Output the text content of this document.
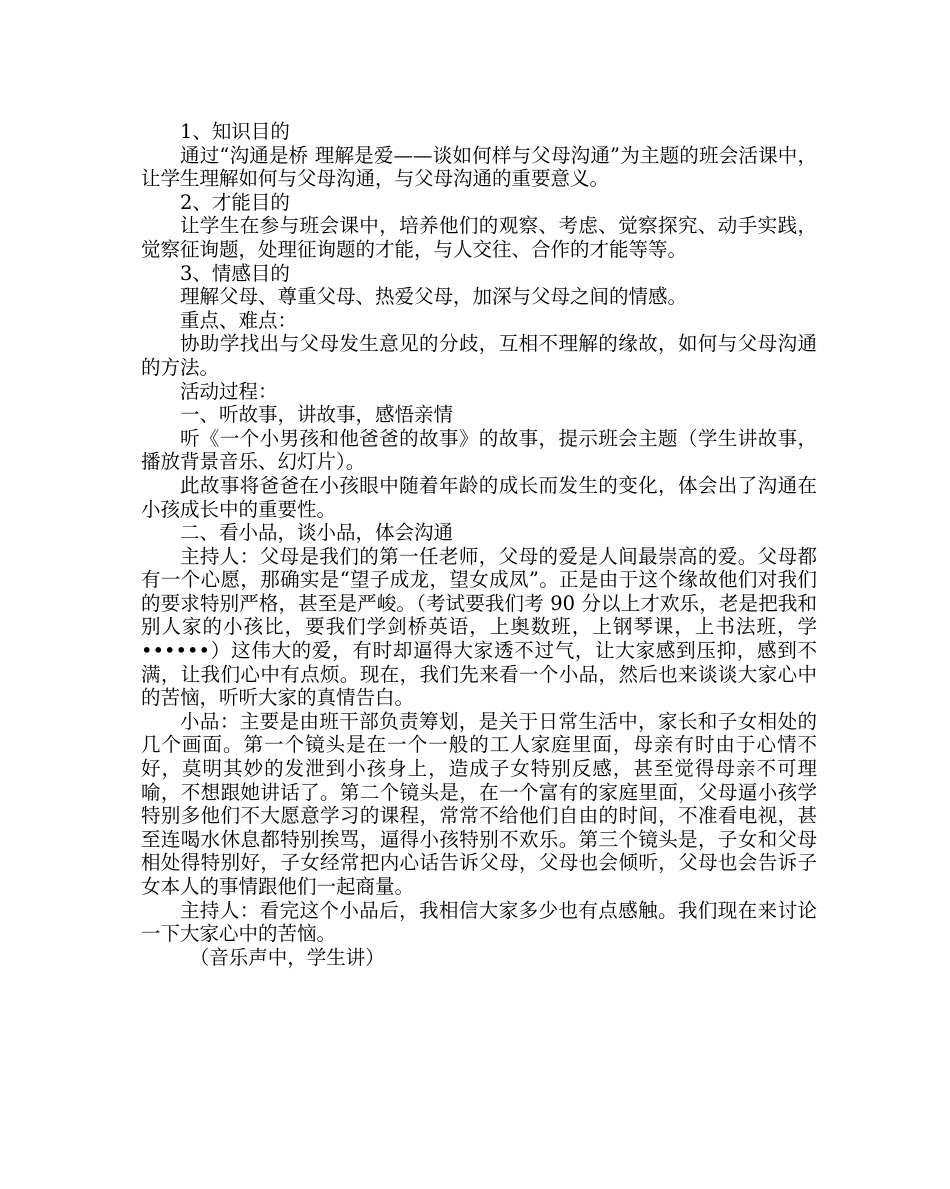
1、知识目的

通过“沟通是桥 理解是爱——谈如何样与父母沟通”为主题的班会活课中，让学生理解如何与父母沟通，与父母沟通的重要意义。

2、才能目的

让学生在参与班会课中，培养他们的观察、考虑、觉察探究、动手实践，觉察征询题，处理征询题的才能，与人交往、合作的才能等等。

3、情感目的

理解父母、尊重父母、热爱父母，加深与父母之间的情感。

重点、难点：

协助学找出与父母发生意见的分歧，互相不理解的缘故，如何与父母沟通的方法。

活动过程：

一、听故事，讲故事，感悟亲情

听《一个小男孩和他爸爸的故事》的故事，提示班会主题（学生讲故事，播放背景音乐、幻灯片）。

此故事将爸爸在小孩眼中随着年龄的成长而发生的变化，体会出了沟通在小孩成长中的重要性。

二、看小品，谈小品，体会沟通

主持人：父母是我们的第一任老师，父母的爱是人间最崇高的爱。父母都有一个心愿，那确实是“望子成龙，望女成凤”。正是由于这个缘故他们对我们的要求特别严格，甚至是严峻。（考试要我们考 90 分以上才欢乐，老是把我和别人家的小孩比，要我们学剑桥英语，上奥数班，上钢琴课，上书法班，学••••••）这伟大的爱，有时却逼得大家透不过气，让大家感到压抑，感到不满，让我们心中有点烦。现在，我们先来看一个小品，然后也来谈谈大家心中的苦恼，听听大家的真情告白。

小品：主要是由班干部负责筹划，是关于日常生活中，家长和子女相处的几个画面。第一个镜头是在一个一般的工人家庭里面，母亲有时由于心情不好，莫明其妙的发泄到小孩身上，造成子女特别反感，甚至觉得母亲不可理喻，不想跟她讲话了。第二个镜头是，在一个富有的家庭里面，父母逼小孩学特别多他们不大愿意学习的课程，常常不给他们自由的时间，不准看电视，甚至连喝水休息都特别挨骂，逼得小孩特别不欢乐。第三个镜头是，子女和父母相处得特别好，子女经常把内心话告诉父母，父母也会倾听，父母也会告诉子女本人的事情跟他们一起商量。

主持人：看完这个小品后，我相信大家多少也有点感触。我们现在来讨论一下大家心中的苦恼。

（音乐声中，学生讲）
